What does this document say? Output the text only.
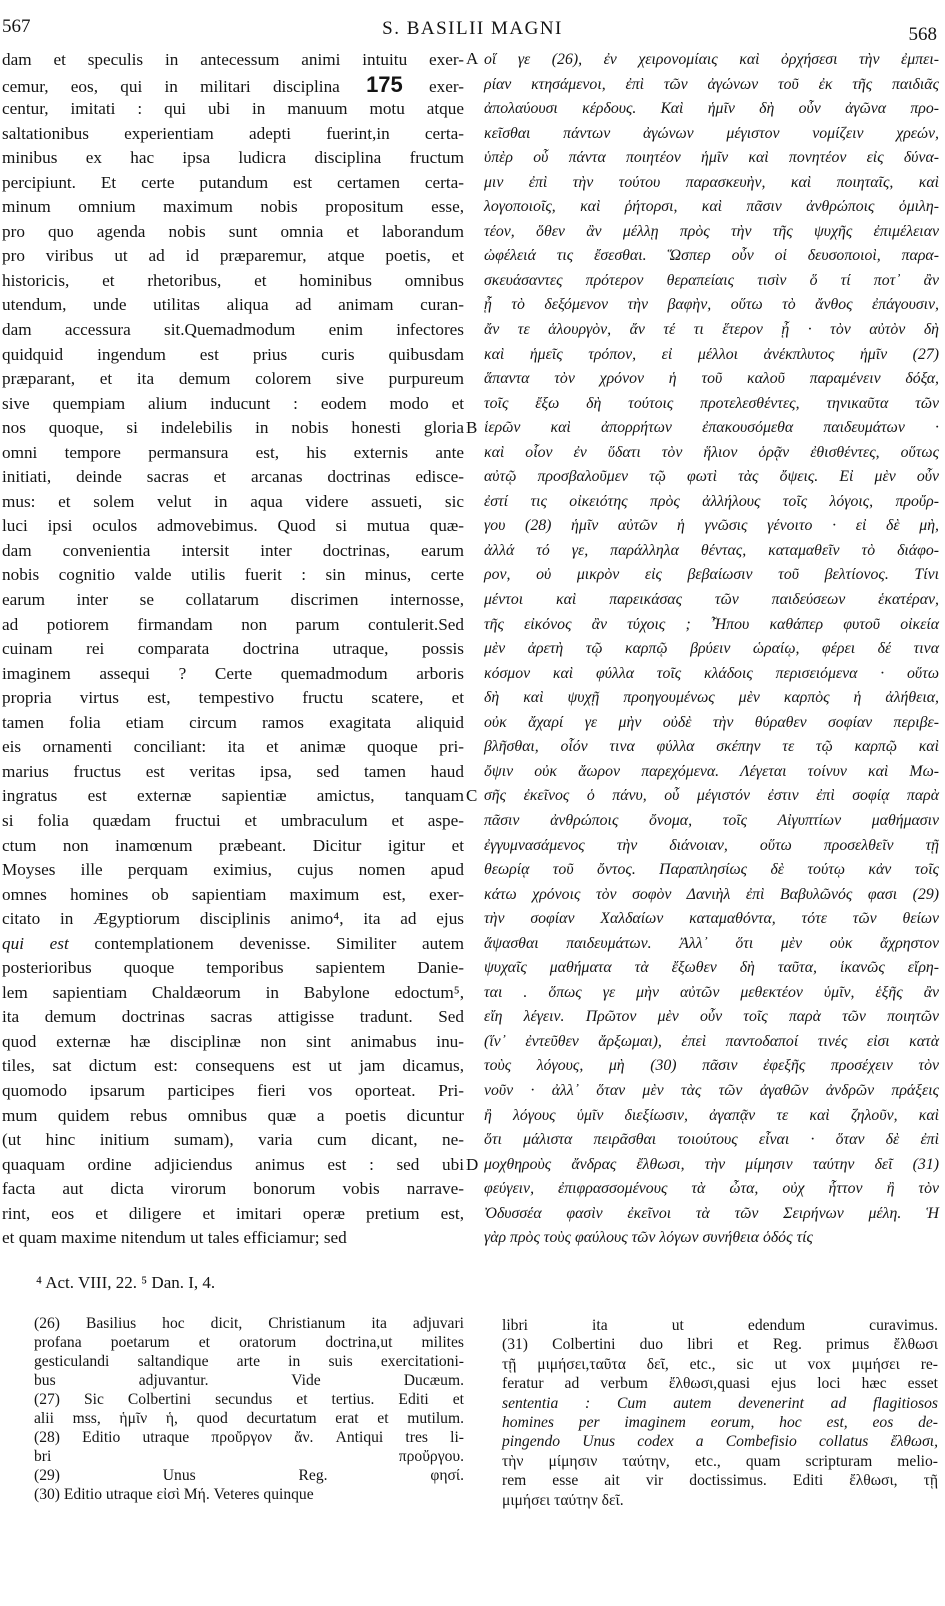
567	S. BASILII MAGNI	568
dam et speculis in antecessum animi intuitu exer-
cemur, eos, qui in militari disciplina 175 exer-
centur, imitati : qui ubi in manuum motu atque
saltationibus experientiam adepti fuerint,in certa-
minibus ex hac ipsa ludicra disciplina fructum
percipiunt. Et certe putandum est certamen certa-
minum omnium maximum nobis propositum esse,
pro quo agenda nobis sunt omnia et laborandum
pro viribus ut ad id præparemur, atque poetis, et
historicis, et rhetoribus, et hominibus omnibus
utendum, unde utilitas aliqua ad animam curan-
dam accessura sit.Quemadmodum enim infectores
quidquid ingendum est prius curis quibusdam
præparant, et ita demum colorem sive purpureum
sive quempiam alium inducunt : eodem modo et
nos quoque, si indelebilis in nobis honesti gloria
omni tempore permansura est, his externis ante
initiati, deinde sacras et arcanas doctrinas edisce-
mus: et solem velut in aqua videre assueti, sic
luci ipsi oculos admovebimus. Quod si mutua quæ-
dam convenientia intersit inter doctrinas, earum
nobis cognitio valde utilis fuerit : sin minus, certe
earum inter se collatarum discrimen internosse,
ad potiorem firmandam non parum contulerit.Sed
cuinam rei comparata doctrina utraque, possis
imaginem assequi ? Certe quemadmodum arboris
propria virtus est, tempestivo fructu scatere, et
tamen folia etiam circum ramos exagitata aliquid
eis ornamenti conciliant: ita et animæ quoque pri-
marius fructus est veritas ipsa, sed tamen haud
ingratus est externæ sapientiæ amictus, tanquam
si folia quædam fructui et umbraculum et aspe-
ctum non inamœnum præbeant. Dicitur igitur et
Moyses ille perquam eximius, cujus nomen apud
omnes homines ob sapientiam maximum est, exer-
citato in Ægyptiorum disciplinis animo⁴, ita ad ejus
qui est contemplationem devenisse. Similiter autem
posterioribus quoque temporibus sapientem Danie-
lem sapientiam Chaldæorum in Babylone edoctum⁵,
ita demum doctrinas sacras attigisse tradunt. Sed
quod externæ hæ disciplinæ non sint animabus inu-
tiles, sat dictum est: consequens est ut jam dicamus,
quomodo ipsarum participes fieri vos oporteat. Pri-
mum quidem rebus omnibus quæ a poetis dicuntur
(ut hinc initium sumam), varia cum dicant, ne-
quaquam ordine adjiciendus animus est : sed ubi
facta aut dicta virorum bonorum vobis narrave-
rint, eos et diligere et imitari operæ pretium est,
et quam maxime nitendum ut tales efficiamur; sed
οἵ γε (26), ἐν χειρονομίαις καὶ ὀρχήσεσι τὴν ἐμπει-
ρίαν κτησάμενοι, ἐπὶ τῶν ἀγώνων τοῦ ἐκ τῆς παιδιᾶς
ἀπολαύουσι κέρδους. Καὶ ἡμῖν δὴ οὖν ἀγῶνα προ-
κεῖσθαι πάντων ἀγώνων μέγιστον νομίζειν χρεών,
ὑπὲρ οὗ πάντα ποιητέον ἡμῖν καὶ πονητέον εἰς δύνα-
μιν ἐπὶ τὴν τούτου παρασκευὴν, καὶ ποιηταῖς, καὶ
λογοποιοῖς, καὶ ῥήτορσι, καὶ πᾶσιν ἀνθρώποις ὁμιλη-
τέον, ὅθεν ἂν μέλλῃ πρὸς τὴν τῆς ψυχῆς ἐπιμέλειαν
ὠφέλειά τις ἔσεσθαι. Ὥσπερ οὖν οἱ δευσοποιοὶ, παρα-
σκευάσαντες πρότερον θεραπείαις τισὶν ὅ τί ποτ᾽ ἂν
ᾖ τὸ δεξόμενον τὴν βαφὴν, οὕτω τὸ ἄνθος ἐπάγουσιν,
ἄν τε ἁλουργὸν, ἄν τέ τι ἕτερον ᾖ · τὸν αὐτὸν δὴ
καὶ ἡμεῖς τρόπον, εἰ μέλλοι ἀνέκπλυτος ἡμῖν (27)
ἅπαντα τὸν χρόνον ἡ τοῦ καλοῦ παραμένειν δόξα,
τοῖς ἔξω δὴ τούτοις προτελεσθέντες, τηνικαῦτα τῶν
ἱερῶν καὶ ἀπορρήτων ἐπακουσόμεθα παιδευμάτων ·
καὶ οἷον ἐν ὕδατι τὸν ἥλιον ὁρᾷν ἐθισθέντες, οὕτως
αὐτῷ προσβαλοῦμεν τῷ φωτὶ τὰς ὄψεις. Εἰ μὲν οὖν
ἐστί τις οἰκειότης πρὸς ἀλλήλους τοῖς λόγοις, προὔρ-
γου (28) ἡμῖν αὐτῶν ἡ γνῶσις γένοιτο · εἰ δὲ μὴ,
ἀλλά τό γε, παράλληλα θέντας, καταμαθεῖν τὸ διάφο-
ρον, οὐ μικρὸν εἰς βεβαίωσιν τοῦ βελτίονος. Τίνι
μέντοι καὶ παρεικάσας τῶν παιδεύσεων ἑκατέραν,
τῆς εἰκόνος ἂν τύχοις ; Ἦπου καθάπερ φυτοῦ οἰκεία
μὲν ἀρετὴ τῷ καρπῷ βρύειν ὡραίῳ, φέρει δέ τινα
κόσμον καὶ φύλλα τοῖς κλάδοις περισειόμενα · οὕτω
δὴ καὶ ψυχῇ προηγουμένως μὲν καρπὸς ἡ ἀλήθεια,
οὐκ ἄχαρί γε μὴν οὐδὲ τὴν θύραθεν σοφίαν περιβε-
βλῆσθαι, οἷόν τινα φύλλα σκέπην τε τῷ καρπῷ καὶ
ὄψιν οὐκ ἄωρον παρεχόμενα. Λέγεται τοίνυν καὶ Μω-
σῆς ἐκεῖνος ὁ πάνυ, οὗ μέγιστόν ἐστιν ἐπὶ σοφίᾳ παρὰ
πᾶσιν ἀνθρώποις ὄνομα, τοῖς Αἰγυπτίων μαθήμασιν
ἐγγυμνασάμενος τὴν διάνοιαν, οὕτω προσελθεῖν τῇ
θεωρίᾳ τοῦ ὄντος. Παραπλησίως δὲ τούτῳ κἀν τοῖς
κάτω χρόνοις τὸν σοφὸν Δανιὴλ ἐπὶ Βαβυλῶνός φασι (29)
τὴν σοφίαν Χαλδαίων καταμαθόντα, τότε τῶν θείων
ἅψασθαι παιδευμάτων. Ἀλλ᾽ ὅτι μὲν οὐκ ἄχρηστον
ψυχαῖς μαθήματα τὰ ἔξωθεν δὴ ταῦτα, ἱκανῶς εἴρη-
ται . ὅπως γε μὴν αὐτῶν μεθεκτέον ὑμῖν, ἑξῆς ἂν
εἴη λέγειν. Πρῶτον μὲν οὖν τοῖς παρὰ τῶν ποιητῶν
(ἵν᾽ ἐντεῦθεν ἄρξωμαι), ἐπεὶ παντοδαποί τινές εἰσι κατὰ
τοὺς λόγους, μὴ (30) πᾶσιν ἐφεξῆς προσέχειν τὸν
νοῦν · ἀλλ᾽ ὅταν μὲν τὰς τῶν ἀγαθῶν ἀνδρῶν πράξεις
ἢ λόγους ὑμῖν διεξίωσιν, ἀγαπᾷν τε καὶ ζηλοῦν, καὶ
ὅτι μάλιστα πειρᾶσθαι τοιούτους εἶναι · ὅταν δὲ ἐπὶ
μοχθηροὺς ἄνδρας ἔλθωσι, τὴν μίμησιν ταύτην δεῖ (31)
φεύγειν, ἐπιφρασσομένους τὰ ὦτα, οὐχ ἧττον ἢ τὸν
Ὀδυσσέα φασὶν ἐκεῖνοι τὰ τῶν Σειρήνων μέλη. Ἡ
γὰρ πρὸς τοὺς φαύλους τῶν λόγων συνήθεια ὁδός τίς
A
B
C
D
⁴ Act. VIII, 22. ⁵ Dan. I, 4.
(26) Basilius hoc dicit, Christianum ita adjuvari
profana poetarum et oratorum doctrina,ut milites
gesticulandi saltandique arte in suis exercitationi-
bus adjuvantur. Vide Ducæum.
(27) Sic Colbertini secundus et tertius. Editi et
alii mss, ἡμῖν ἡ, quod decurtatum erat et mutilum.
(28) Editio utraque προὔργον ἄν. Antiqui tres li-
bri προὔργου.
(29) Unus Reg. φησί.
(30) Editio utraque εἰσὶ Μή. Veteres quinque
libri ita ut edendum curavimus.
(31) Colbertini duo libri et Reg. primus ἔλθωσι
τῇ μιμήσει,ταῦτα δεῖ, etc., sic ut vox μιμήσει re-
feratur ad verbum ἔλθωσι,quasi ejus loci hæc esset
sententia : Cum autem devenerint ad flagitiosos
homines per imaginem eorum, hoc est, eos de-
pingendo Unus codex a Combefisio collatus ἔλθωσι,
τὴν μίμησιν ταύτην, etc., quam scripturam melio-
rem esse ait vir doctissimus. Editi ἔλθωσι, τῇ
μιμήσει ταύτην δεῖ.
